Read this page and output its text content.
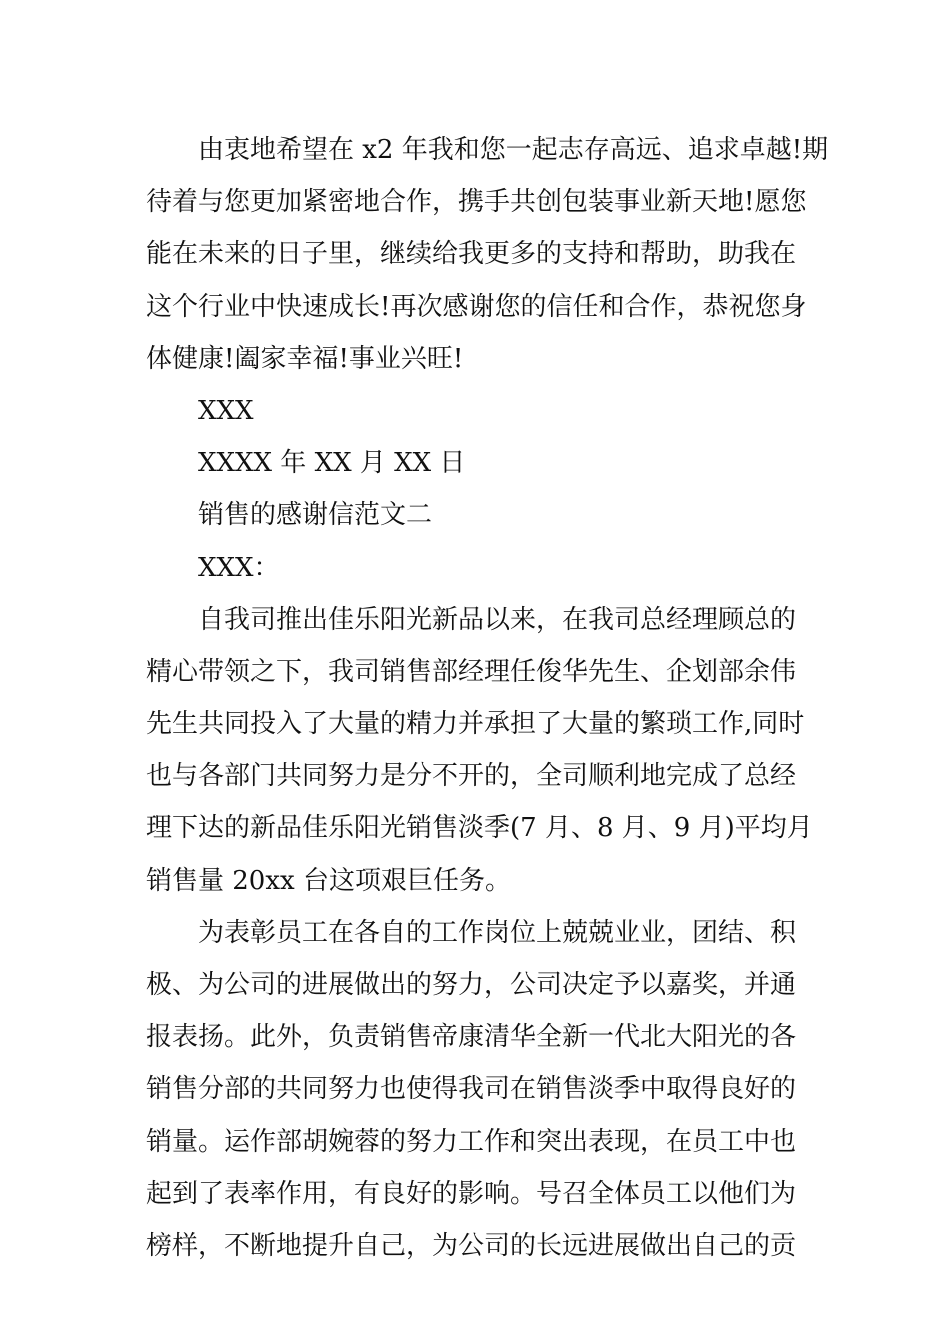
由衷地希望在 x2 年我和您一起志存高远、追求卓越!期
待着与您更加紧密地合作，携手共创包装事业新天地!愿您
能在未来的日子里，继续给我更多的支持和帮助，助我在
这个行业中快速成长!再次感谢您的信任和合作，恭祝您身
体健康!阖家幸福!事业兴旺!
XXX
XXXX 年 XX 月 XX 日
销售的感谢信范文二
XXX：
自我司推出佳乐阳光新品以来，在我司总经理顾总的
精心带领之下，我司销售部经理任俊华先生、企划部余伟
先生共同投入了大量的精力并承担了大量的繁琐工作,同时
也与各部门共同努力是分不开的，全司顺利地完成了总经
理下达的新品佳乐阳光销售淡季(7 月、8 月、9 月)平均月
销售量 20xx 台这项艰巨任务。
为表彰员工在各自的工作岗位上兢兢业业，团结、积
极、为公司的进展做出的努力，公司决定予以嘉奖，并通
报表扬。此外，负责销售帝康清华全新一代北大阳光的各
销售分部的共同努力也使得我司在销售淡季中取得良好的
销量。运作部胡婉蓉的努力工作和突出表现，在员工中也
起到了表率作用，有良好的影响。号召全体员工以他们为
榜样，不断地提升自己，为公司的长远进展做出自己的贡
